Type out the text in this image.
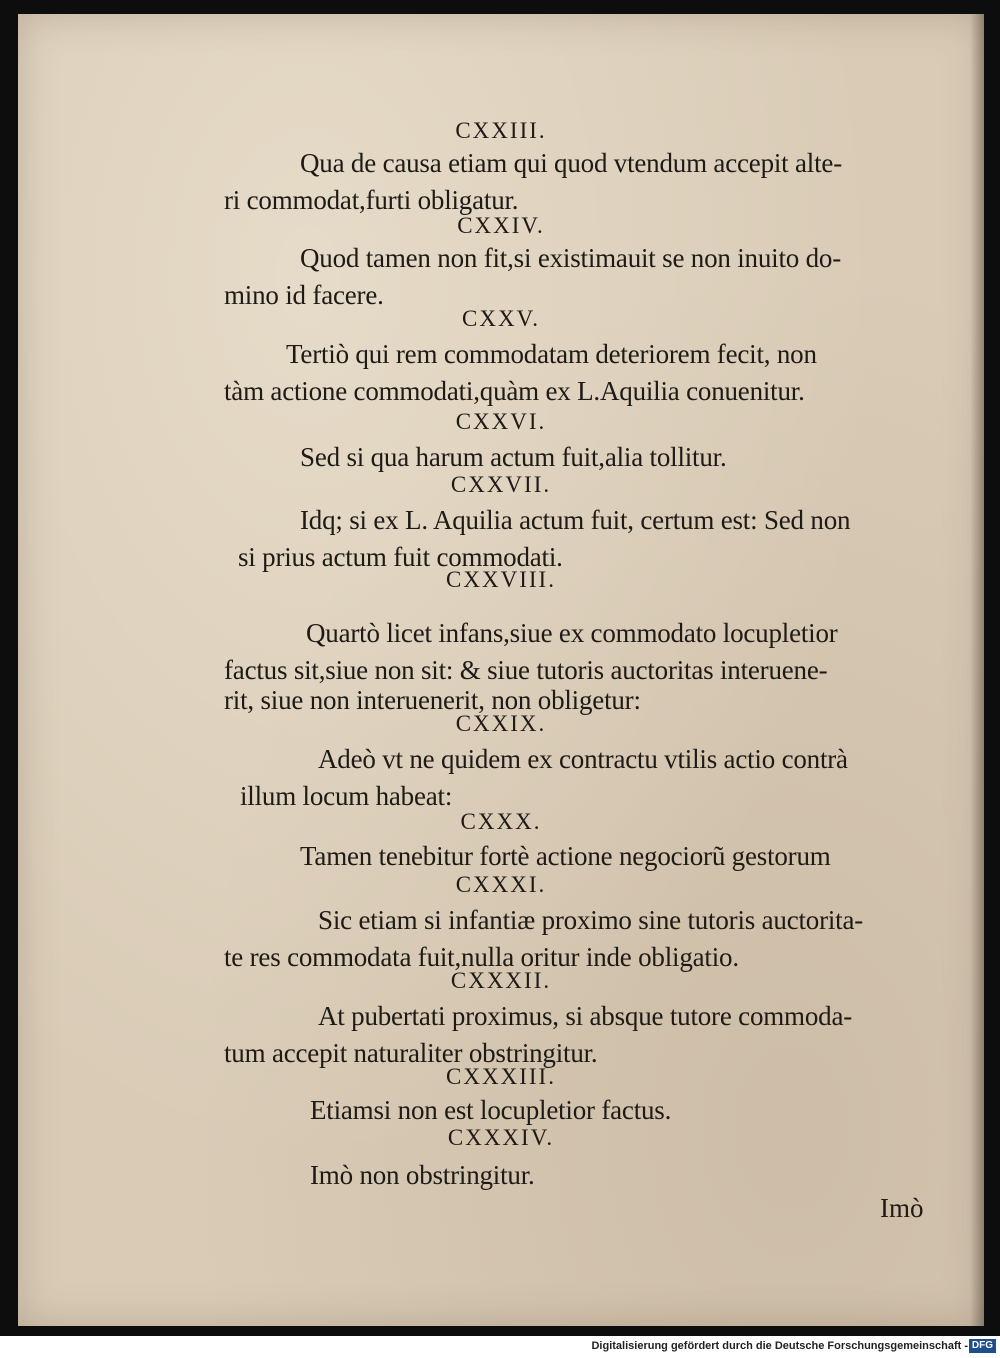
CXXIII.
Qua de causa etiam qui quod vtendum accepit alte-
ri commodat,furti obligatur.
CXXIV.
Quod tamen non fit,si existimauit se non inuito do-
mino id facere.
CXXV.
Tertiò qui rem commodatam deteriorem fecit, non
tàm actione commodati,quàm ex L.Aquilia conuenitur.
CXXVI.
Sed si qua harum actum fuit,alia tollitur.
CXXVII.
Idq; si ex L. Aquilia actum fuit, certum est: Sed non
si prius actum fuit commodati.
CXXVIII.
Quartò licet infans,siue ex commodato locupletior
factus sit,siue non sit: & siue tutoris auctoritas interuene-
rit, siue non interuenerit, non obligetur:
CXXIX.
Adeò vt ne quidem ex contractu vtilis actio contrà
illum locum habeat:
CXXX.
Tamen tenebitur fortè actione negociorũ gestorum
CXXXI.
Sic etiam si infantiæ proximo sine tutoris auctorita-
te res commodata fuit,nulla oritur inde obligatio.
CXXXII.
At pubertati proximus, si absque tutore commoda-
tum accepit naturaliter obstringitur.
CXXXIII.
Etiamsi non est locupletior factus.
CXXXIV.
Imò non obstringitur.
Imò
Digitalisierung gefördert durch die Deutsche Forschungsgemeinschaft - DFG
